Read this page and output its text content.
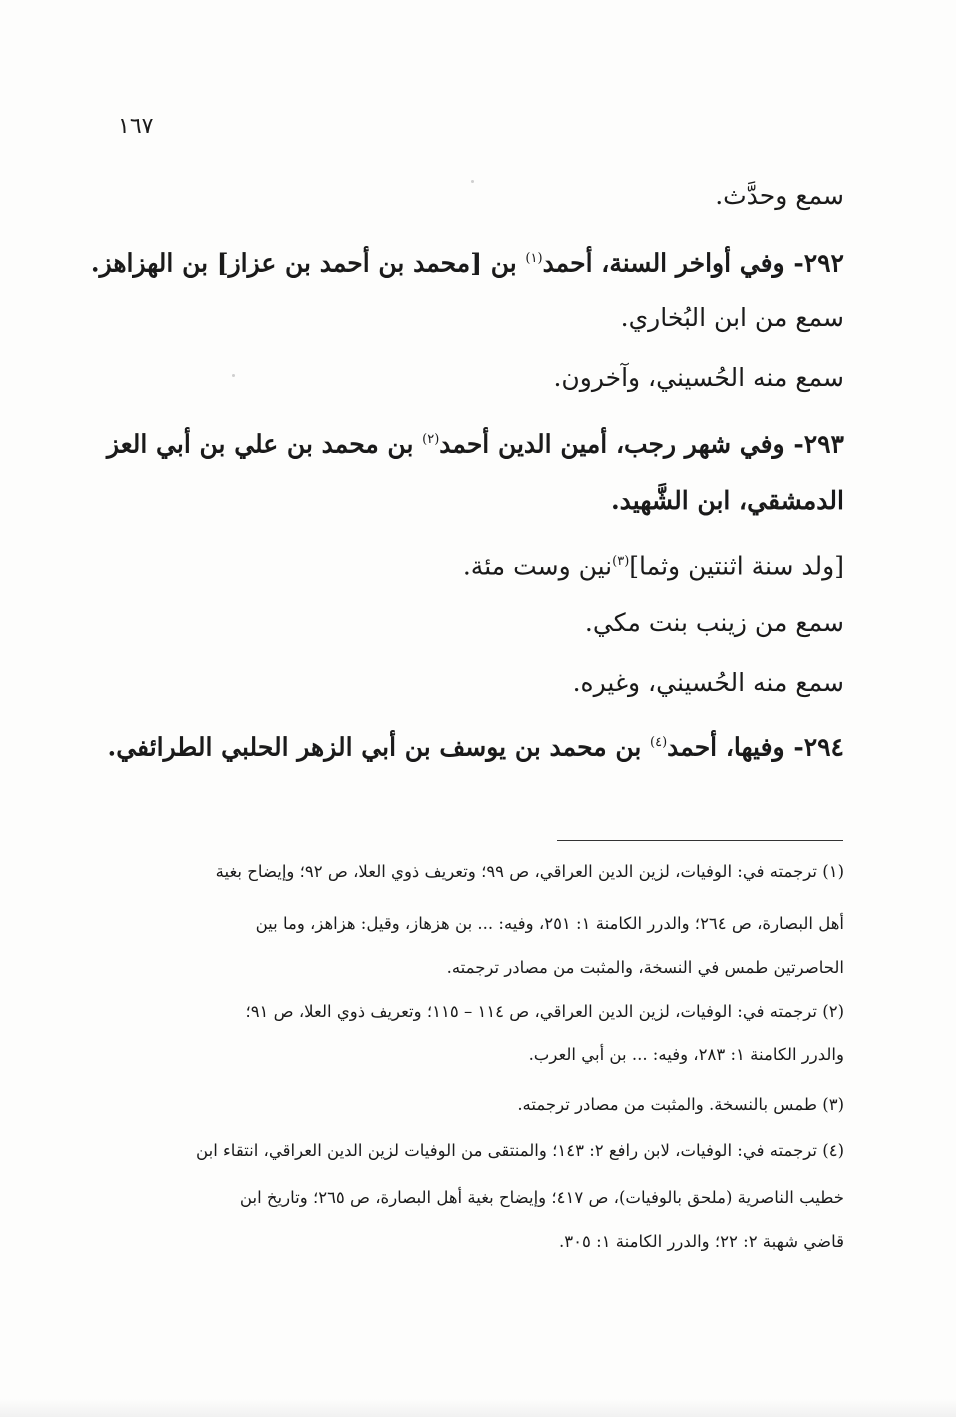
١٦٧
سمع وحدَّث.
٢٩٢- وفي أواخر السنة، أحمد$^{(١)}$ بن [محمد بن أحمد بن عزاز] بن الهزاهز.
سمع من ابن البُخاري.
سمع منه الحُسيني، وآخرون.
٢٩٣- وفي شهر رجب، أمين الدين أحمد$^{(٢)}$ بن محمد بن علي بن أبي العز
الدمشقي، ابن الشَّهيد.
[ولد سنة اثنتين وثما]$^{(٣)}$نين وست مئة.
سمع من زينب بنت مكي.
سمع منه الحُسيني، وغيره.
٢٩٤- وفيها، أحمد$^{(٤)}$ بن محمد بن يوسف بن أبي الزهر الحلبي الطرائفي.
(١) ترجمته في: الوفيات، لزين الدين العراقي، ص ٩٩؛ وتعريف ذوي العلا، ص ٩٢؛ وإيضاح بغية
أهل البصارة، ص ٢٦٤؛ والدرر الكامنة ١: ٢٥١، وفيه: ... بن هزهاز، وقيل: هزاهز، وما بين
الحاصرتين طمس في النسخة، والمثبت من مصادر ترجمته.
(٢) ترجمته في: الوفيات، لزين الدين العراقي، ص ١١٤ – ١١٥؛ وتعريف ذوي العلا، ص ٩١؛
والدرر الكامنة ١: ٢٨٣، وفيه: ... بن أبي العرب.
(٣) طمس بالنسخة. والمثبت من مصادر ترجمته.
(٤) ترجمته في: الوفيات، لابن رافع ٢: ١٤٣؛ والمنتقى من الوفيات لزين الدين العراقي، انتقاء ابن
خطيب الناصرية (ملحق بالوفيات)، ص ٤١٧؛ وإيضاح بغية أهل البصارة، ص ٢٦٥؛ وتاريخ ابن
قاضي شهبة ٢: ٢٢؛ والدرر الكامنة ١: ٣٠٥.
